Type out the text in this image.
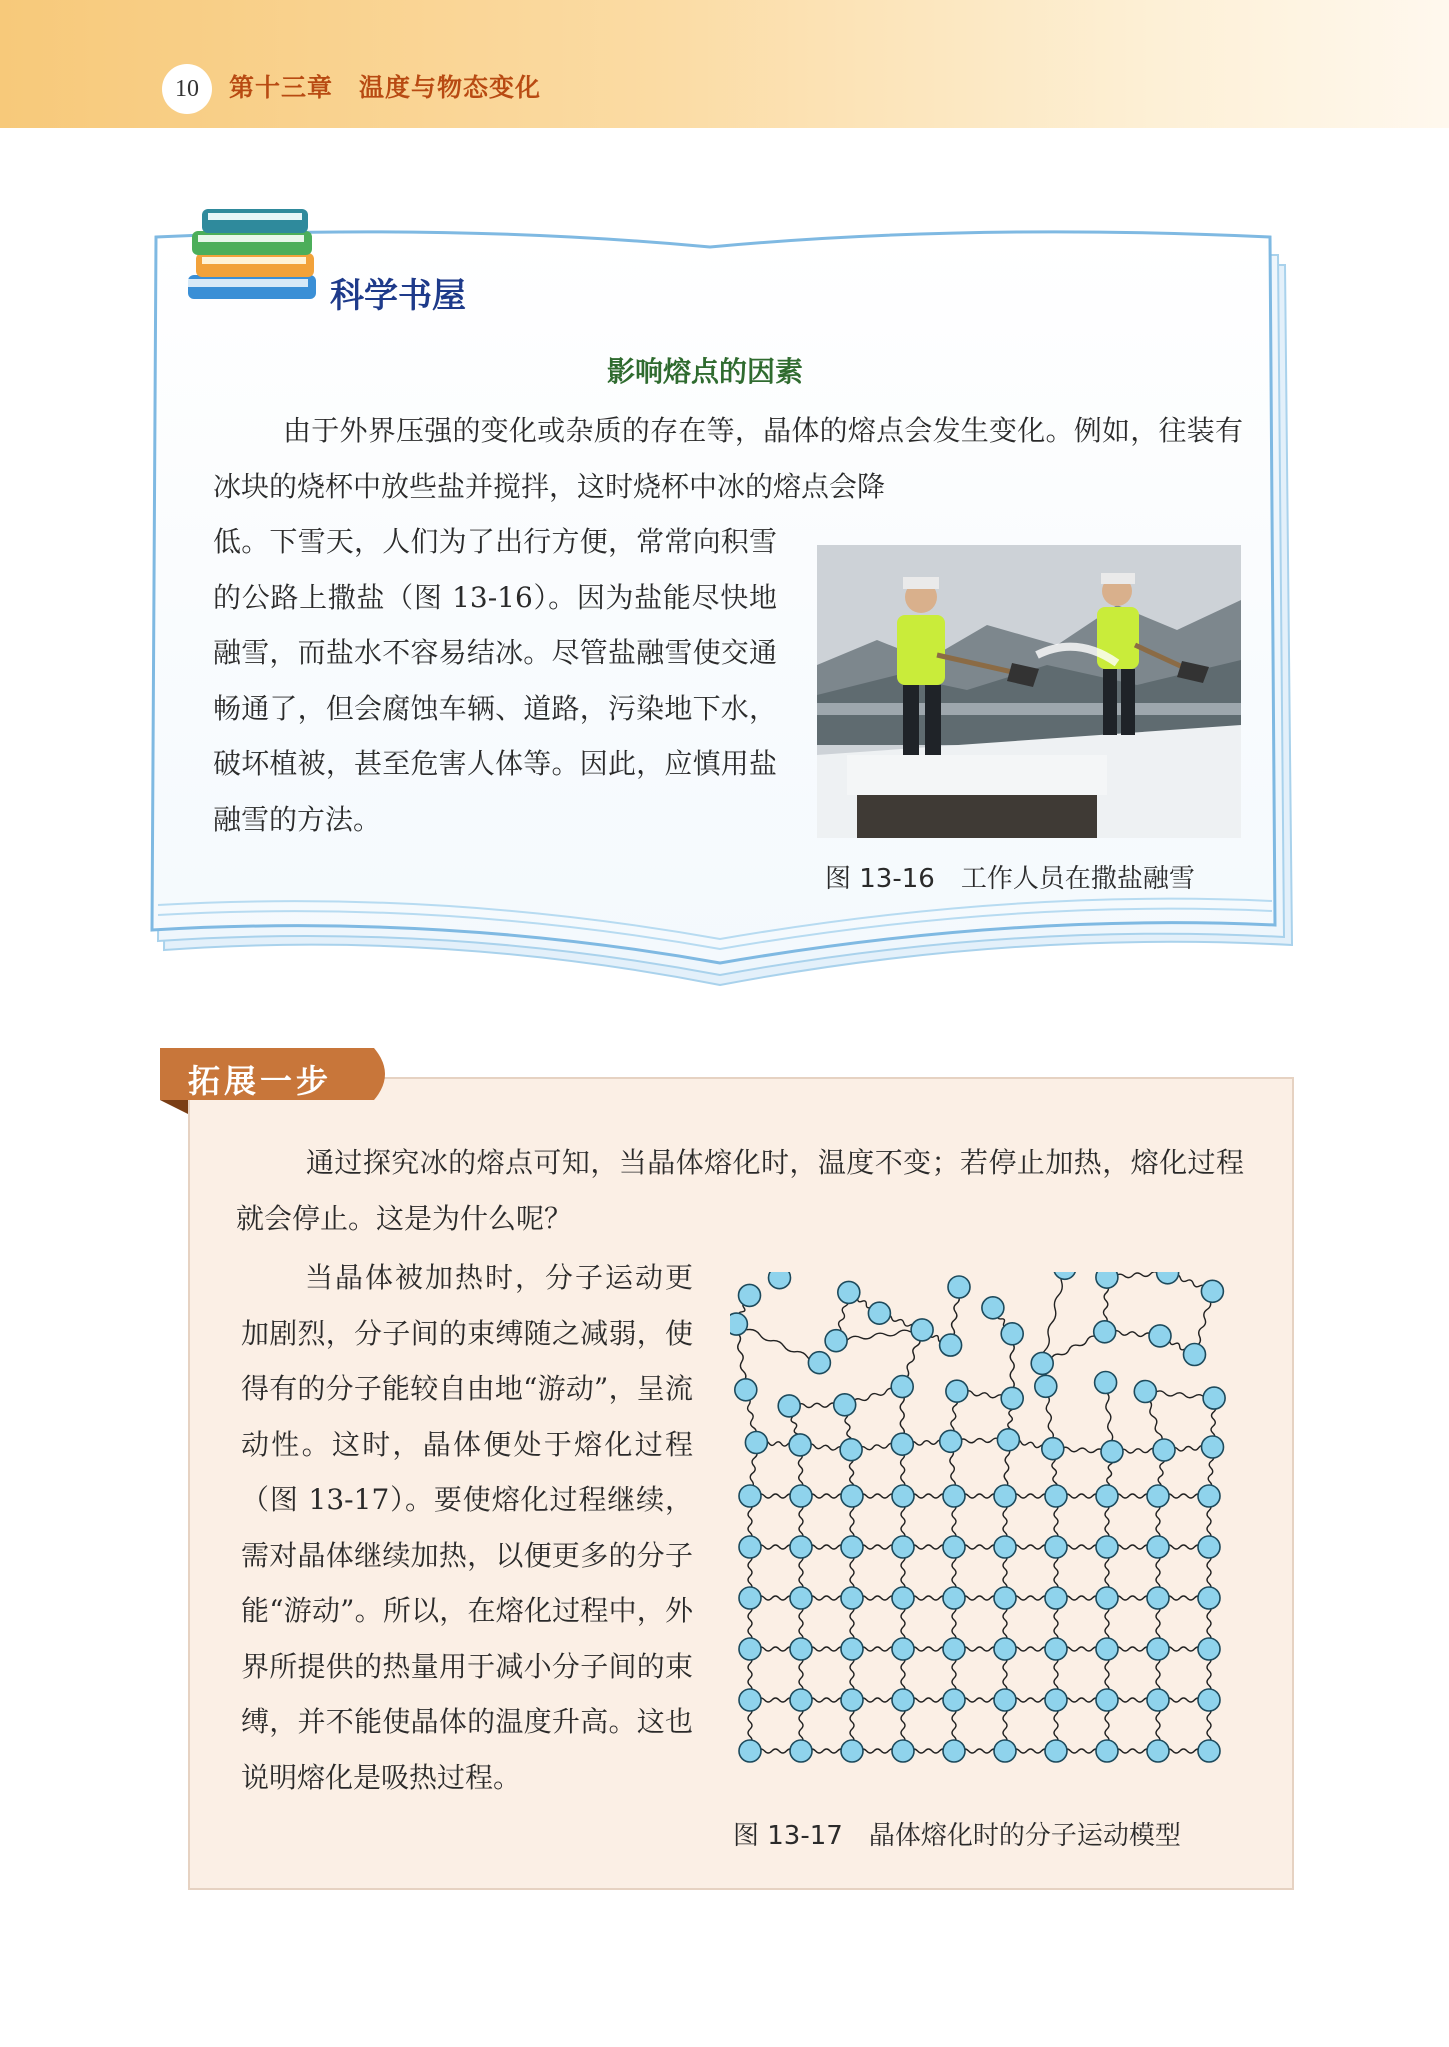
10	第十三章 温度与物态变化
科学书屋
影响熔点的因素

由于外界压强的变化或杂质的存在等，晶体的熔点会发生变化。例如，往装有冰块的烧杯中放些盐并搅拌，这时烧杯中冰的熔点会降

低。下雪天，人们为了出行方便，常常向积雪的公路上撒盐（图 13-16）。因为盐能尽快地融雪，而盐水不容易结冰。尽管盐融雪使交通畅通了，但会腐蚀车辆、道路，污染地下水，破坏植被，甚至危害人体等。因此，应慎用盐融雪的方法。

图 13-16　工作人员在撒盐融雪
拓展一步

通过探究冰的熔点可知，当晶体熔化时，温度不变；若停止加热，熔化过程就会停止。这是为什么呢？

当晶体被加热时，分子运动更加剧烈，分子间的束缚随之减弱，使得有的分子能较自由地“游动”，呈流动性。这时，晶体便处于熔化过程（图 13-17）。要使熔化过程继续，需对晶体继续加热，以便更多的分子能“游动”。所以，在熔化过程中，外界所提供的热量用于减小分子间的束缚，并不能使晶体的温度升高。这也说明熔化是吸热过程。

图 13-17　晶体熔化时的分子运动模型
